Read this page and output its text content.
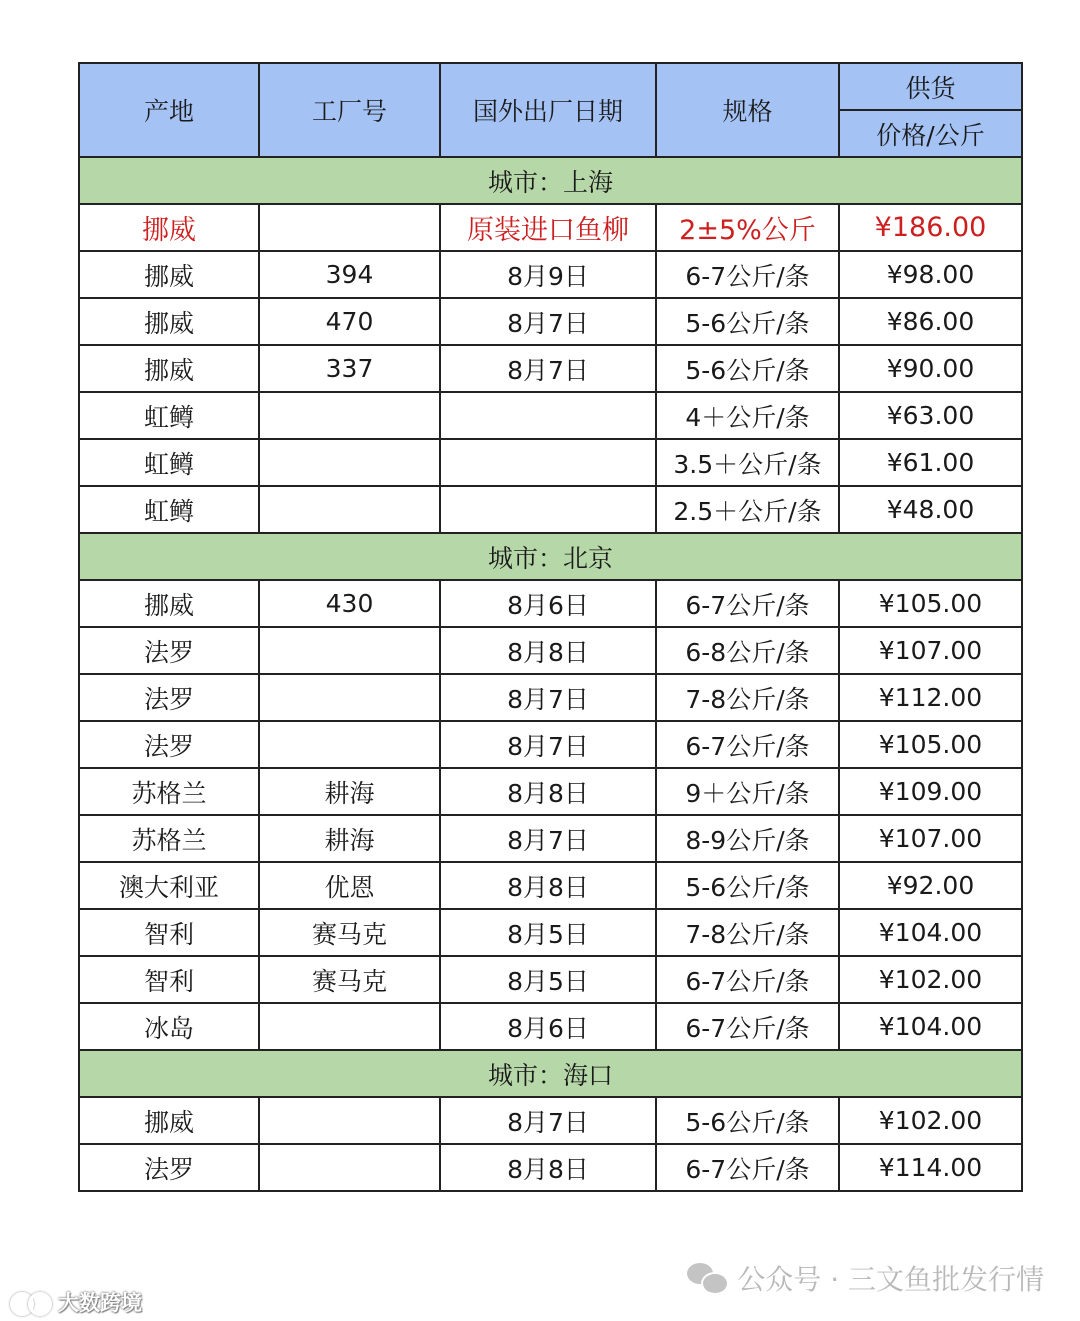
产地	工厂号	国外出厂日期	规格	供货
				价格/公斤
城市：上海				
挪威		原装进口鱼柳	2±5%公斤	¥186.00
挪威	394	8月9日	6-7公斤/条	¥98.00
挪威	470	8月7日	5-6公斤/条	¥86.00
挪威	337	8月7日	5-6公斤/条	¥90.00
虹鳟			4＋公斤/条	¥63.00
虹鳟			3.5＋公斤/条	¥61.00
虹鳟			2.5＋公斤/条	¥48.00
城市：北京				
挪威	430	8月6日	6-7公斤/条	¥105.00
法罗		8月8日	6-8公斤/条	¥107.00
法罗		8月7日	7-8公斤/条	¥112.00
法罗		8月7日	6-7公斤/条	¥105.00
苏格兰	耕海	8月8日	9＋公斤/条	¥109.00
苏格兰	耕海	8月7日	8-9公斤/条	¥107.00
澳大利亚	优恩	8月8日	5-6公斤/条	¥92.00
智利	赛马克	8月5日	7-8公斤/条	¥104.00
智利	赛马克	8月5日	6-7公斤/条	¥102.00
冰岛		8月6日	6-7公斤/条	¥104.00
城市：海口				
挪威		8月7日	5-6公斤/条	¥102.00
法罗		8月8日	6-7公斤/条	¥114.00
公众号 · 三文鱼批发行情
大数跨境
